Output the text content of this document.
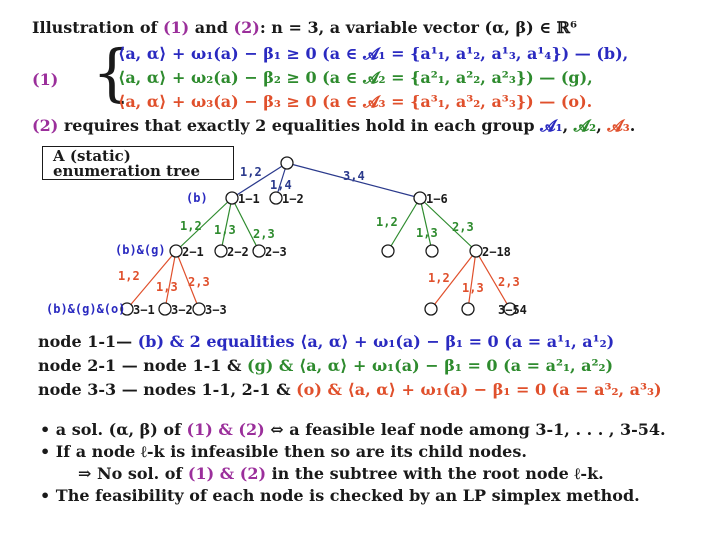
Illustration of (1) and (2): n = 3, a variable vector (α, β) ∈ ℝ⁶
(1) {
⟨a, α⟩ + ω₁(a) − β₁ ≥ 0 (a ∈ 𝓐₁ = {a¹₁, a¹₂, a¹₃, a¹₄}) — (b),
⟨a, α⟩ + ω₂(a) − β₂ ≥ 0 (a ∈ 𝓐₂ = {a²₁, a²₂, a²₃}) — (g),
⟨a, α⟩ + ω₃(a) − β₃ ≥ 0 (a ∈ 𝓐₃ = {a³₁, a³₂, a³₃}) — (o).
(2) requires that exactly 2 equalities hold in each group 𝓐₁, 𝓐₂, 𝓐₃.
A (static)
enumeration tree	1,2
1,4
3,4
1−1 1−2	1−6
(b)
1,2 1,3 2,3
1,2
1,3 2,3
(b)&(g) 2−1 2−2 2−3	2−18
1,2
1,3 2,3	1,2
1,3 2,3
(b)&(g)&(o) 3−1 3−2 3−3	3−54
node 1-1— (b) & 2 equalities ⟨a, α⟩ + ω₁(a) − β₁ = 0 (a = a¹₁, a¹₂)
node 2-1 — node 1-1 & (g) & ⟨a, α⟩ + ω₁(a) − β₁ = 0 (a = a²₁, a²₂)
node 3-3 — nodes 1-1, 2-1 & (o) & ⟨a, α⟩ + ω₁(a) − β₁ = 0 (a = a³₂, a³₃)
• a sol. (α, β) of (1) & (2) ⇔ a feasible leaf node among 3-1, . . . , 3-54.
• If a node ℓ-k is infeasible then so are its child nodes.
⇒ No sol. of (1) & (2) in the subtree with the root node ℓ-k.
• The feasibility of each node is checked by an LP simplex method.
